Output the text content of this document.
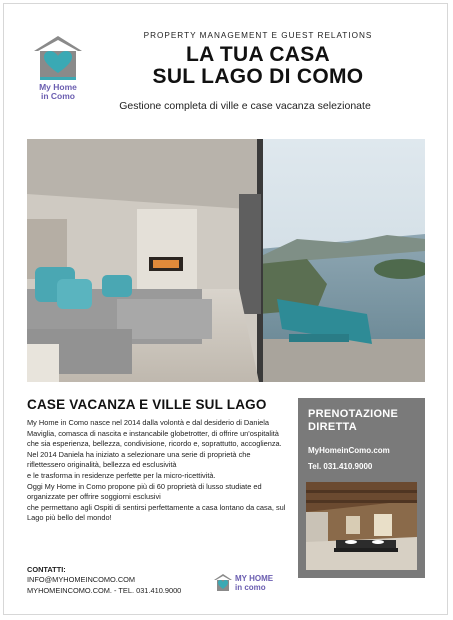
My Home
in Como
PROPERTY MANAGEMENT E GUEST RELATIONS
LA TUA CASA
SUL LAGO DI COMO
Gestione completa di ville e case vacanza selezionate
CASE VACANZA E VILLE SUL LAGO

My Home in Como nasce nel 2014 dalla volontà e dal desiderio di Daniela Maviglia, comasca di nascita e instancabile globetrotter, di offrire un'ospitalità che sia esperienza, bellezza, condivisione, ricordo e, soprattutto, accoglienza.

Nel 2014 Daniela ha iniziato a selezionare una serie di proprietà che riflettessero originalità, bellezza ed esclusività

e le trasforma in residenze perfette per la micro-ricettività.

Oggi My Home in Como propone più di 60 proprietà di lusso studiate ed organizzate per offrire soggiorni esclusivi

che permettano agli Ospiti di sentirsi perfettamente a casa lontano da casa, sul Lago più bello del mondo!

CONTATTI:
INFO@MYHOMEINCOMO.COM
MYHOMEINCOMO.COM. - TEL. 031.410.9000
PRENOTAZIONE
DIRETTA
MyHomeinComo.com
Tel. 031.410.9000
MY HOME
in como
